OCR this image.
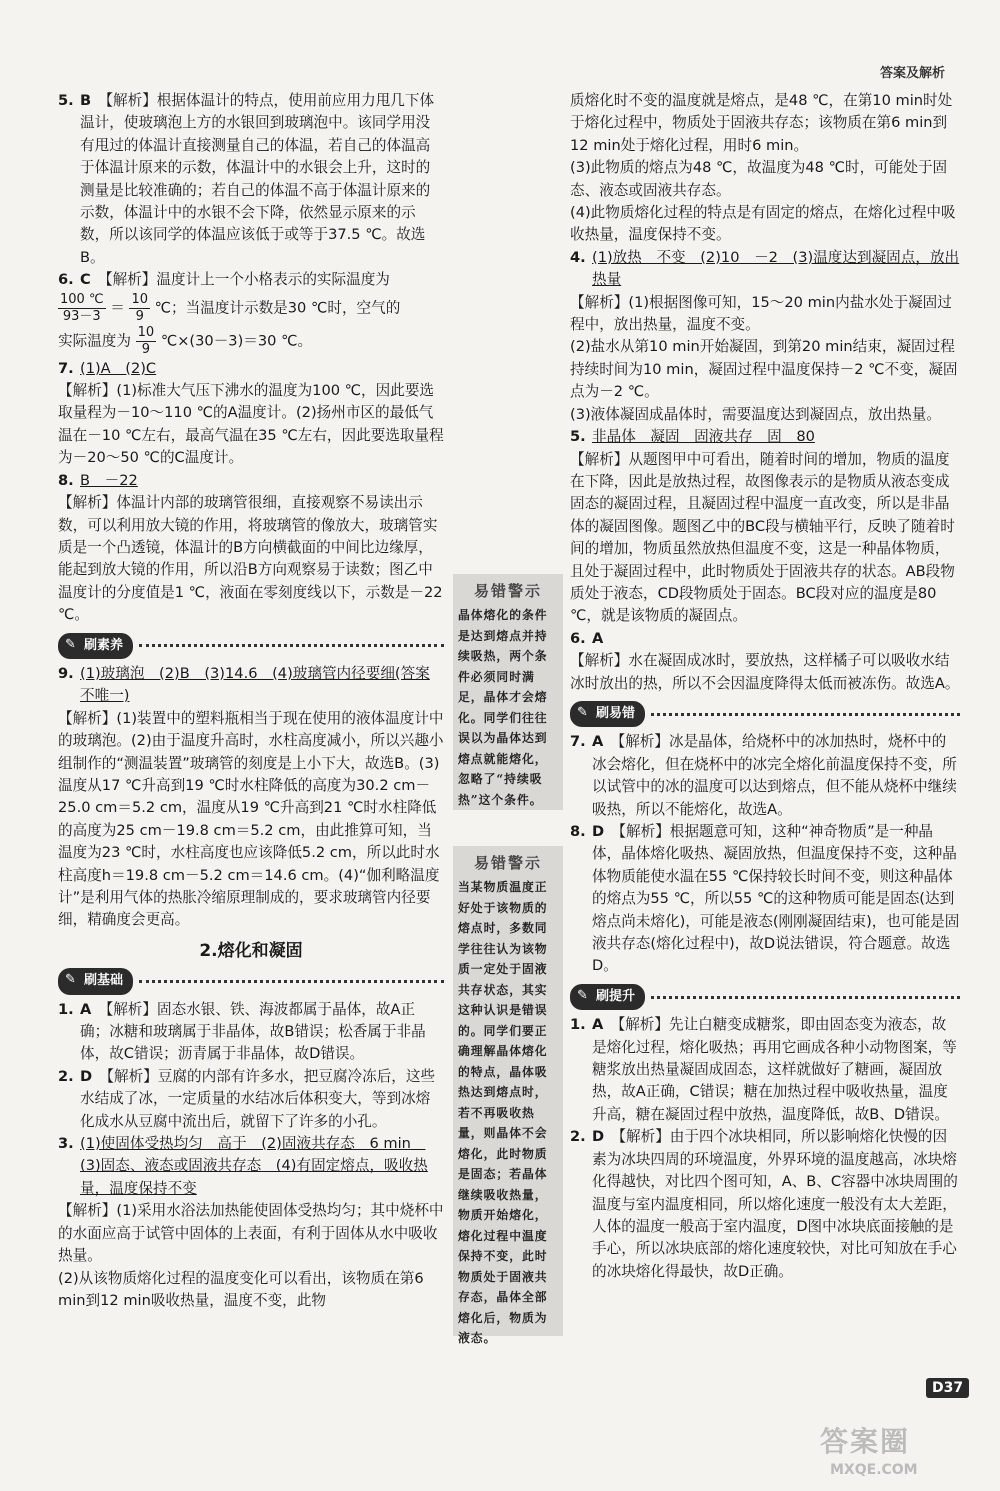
答案及解析
5. B　 【解析】根据体温计的特点，使用前应用力甩几下体温计，使玻璃泡上方的水银回到玻璃泡中。该同学用没有甩过的体温计直接测量自己的体温，若自己的体温高于体温计原来的示数，体温计中的水银会上升，这时的测量是比较准确的；若自己的体温不高于体温计原来的示数，体温计中的水银不会下降，依然显示原来的示数，所以该同学的体温应该低于或等于37.5 ℃。故选B。

6. C　 【解析】温度计上一个小格表示的实际温度为

$\frac{100 ℃}{93-3} = \frac{10}{9}$ ℃；当温度计示数是30 ℃时，空气的

实际温度为 $\frac{10}{9}$ ℃×(30－3)＝30 ℃。

7. (1)A　(2)C

【解析】(1)标准大气压下沸水的温度为100 ℃，因此要选取量程为－10～110 ℃的A温度计。(2)扬州市区的最低气温在－10 ℃左右，最高气温在35 ℃左右，因此要选取量程为－20～50 ℃的C温度计。

8. B　－22

【解析】体温计内部的玻璃管很细，直接观察不易读出示数，可以利用放大镜的作用，将玻璃管的像放大，玻璃管实质是一个凸透镜，体温计的B方向横截面的中间比边缘厚，能起到放大镜的作用，所以沿B方向观察易于读数；图乙中温度计的分度值是1 ℃，液面在零刻度线以下，示数是－22 ℃。

✎ 刷素养
9. (1)玻璃泡　(2)B　(3)14.6　(4)玻璃管内径要细(答案不唯一)

【解析】(1)装置中的塑料瓶相当于现在使用的液体温度计中的玻璃泡。(2)由于温度升高时，水柱高度减小，所以兴趣小组制作的“测温装置”玻璃管的刻度是上小下大，故选B。(3)温度从17 ℃升高到19 ℃时水柱降低的高度为30.2 cm－25.0 cm＝5.2 cm，温度从19 ℃升高到21 ℃时水柱降低的高度为25 cm－19.8 cm＝5.2 cm，由此推算可知，当温度为23 ℃时，水柱高度也应该降低5.2 cm，所以此时水柱高度h＝19.8 cm－5.2 cm＝14.6 cm。(4)“伽利略温度计”是利用气体的热胀冷缩原理制成的，要求玻璃管内径要细，精确度会更高。

2.熔化和凝固
✎ 刷基础
1. A　 【解析】固态水银、铁、海波都属于晶体，故A正确；冰糖和玻璃属于非晶体，故B错误；松香属于非晶体，故C错误；沥青属于非晶体，故D错误。

2. D　 【解析】豆腐的内部有许多水，把豆腐冷冻后，这些水结成了冰，一定质量的水结冰后体积变大，等到冰熔化成水从豆腐中流出后，就留下了许多的小孔。

3. (1)使固体受热均匀　高于　(2)固液共存态　6 min　(3)固态、液态或固液共存态　(4)有固定熔点，吸收热量，温度保持不变

【解析】(1)采用水浴法加热能使固体受热均匀；其中烧杯中的水面应高于试管中固体的上表面，有利于固体从水中吸收热量。

(2)从该物质熔化过程的温度变化可以看出，该物质在第6 min到12 min吸收热量，温度不变，此物

易错警示
晶体熔化的条件是达到熔点并持续吸热，两个条件必须同时满足，晶体才会熔化。同学们往往误以为晶体达到熔点就能熔化，忽略了“持续吸热”这个条件。
易错警示
当某物质温度正好处于该物质的熔点时，多数同学往往认为该物质一定处于固液共存状态，其实这种认识是错误的。同学们要正确理解晶体熔化的特点，晶体吸热达到熔点时，若不再吸收热量，则晶体不会熔化，此时物质是固态；若晶体继续吸收热量，物质开始熔化，熔化过程中温度保持不变，此时物质处于固液共存态，晶体全部熔化后，物质为液态。

质熔化时不变的温度就是熔点，是48 ℃，在第10 min时处于熔化过程中，物质处于固液共存态；该物质在第6 min到12 min处于熔化过程，用时6 min。

(3)此物质的熔点为48 ℃，故温度为48 ℃时，可能处于固态、液态或固液共存态。

(4)此物质熔化过程的特点是有固定的熔点，在熔化过程中吸收热量，温度保持不变。

4. (1)放热　不变　(2)10　－2　(3)温度达到凝固点，放出热量

【解析】(1)根据图像可知，15～20 min内盐水处于凝固过程中，放出热量，温度不变。

(2)盐水从第10 min开始凝固，到第20 min结束，凝固过程持续时间为10 min，凝固过程中温度保持－2 ℃不变，凝固点为－2 ℃。

(3)液体凝固成晶体时，需要温度达到凝固点，放出热量。

5. 非晶体　凝固　固液共存　固　80

【解析】从题图甲中可看出，随着时间的增加，物质的温度在下降，因此是放热过程，故图像表示的是物质从液态变成固态的凝固过程，且凝固过程中温度一直改变，所以是非晶体的凝固图像。题图乙中的BC段与横轴平行，反映了随着时间的增加，物质虽然放热但温度不变，这是一种晶体物质，且处于凝固过程中，此时物质处于固液共存的状态。AB段物质处于液态，CD段物质处于固态。BC段对应的温度是80 ℃，就是该物质的凝固点。

6. A

【解析】水在凝固成冰时，要放热，这样橘子可以吸收水结冰时放出的热，所以不会因温度降得太低而被冻伤。故选A。

✎ 刷易错
7. A　 【解析】冰是晶体，给烧杯中的冰加热时，烧杯中的冰会熔化，但在烧杯中的冰完全熔化前温度保持不变，所以试管中的冰的温度可以达到熔点，但不能从烧杯中继续吸热，所以不能熔化，故选A。

8. D　 【解析】根据题意可知，这种“神奇物质”是一种晶体，晶体熔化吸热、凝固放热，但温度保持不变，这种晶体物质能使水温在55 ℃保持较长时间不变，则这种晶体的熔点为55 ℃，所以55 ℃的这种物质可能是固态(达到熔点尚未熔化)，可能是液态(刚刚凝固结束)，也可能是固液共存态(熔化过程中)，故D说法错误，符合题意。故选D。

✎ 刷提升
1. A　 【解析】先让白糖变成糖浆，即由固态变为液态，故是熔化过程，熔化吸热；再用它画成各种小动物图案，等糖浆放出热量凝固成固态，这样就做好了糖画，凝固放热，故A正确，C错误；糖在加热过程中吸收热量，温度升高，糖在凝固过程中放热，温度降低，故B、D错误。

2. D　 【解析】由于四个冰块相同，所以影响熔化快慢的因素为冰块四周的环境温度，外界环境的温度越高，冰块熔化得越快，对比四个图可知，A、B、C容器中冰块周围的温度与室内温度相同，所以熔化速度一般没有太大差距，人体的温度一般高于室内温度，D图中冰块底面接触的是手心，所以冰块底部的熔化速度较快，对比可知放在手心的冰块熔化得最快，故D正确。

D37
答案圈
MXQE.COM
